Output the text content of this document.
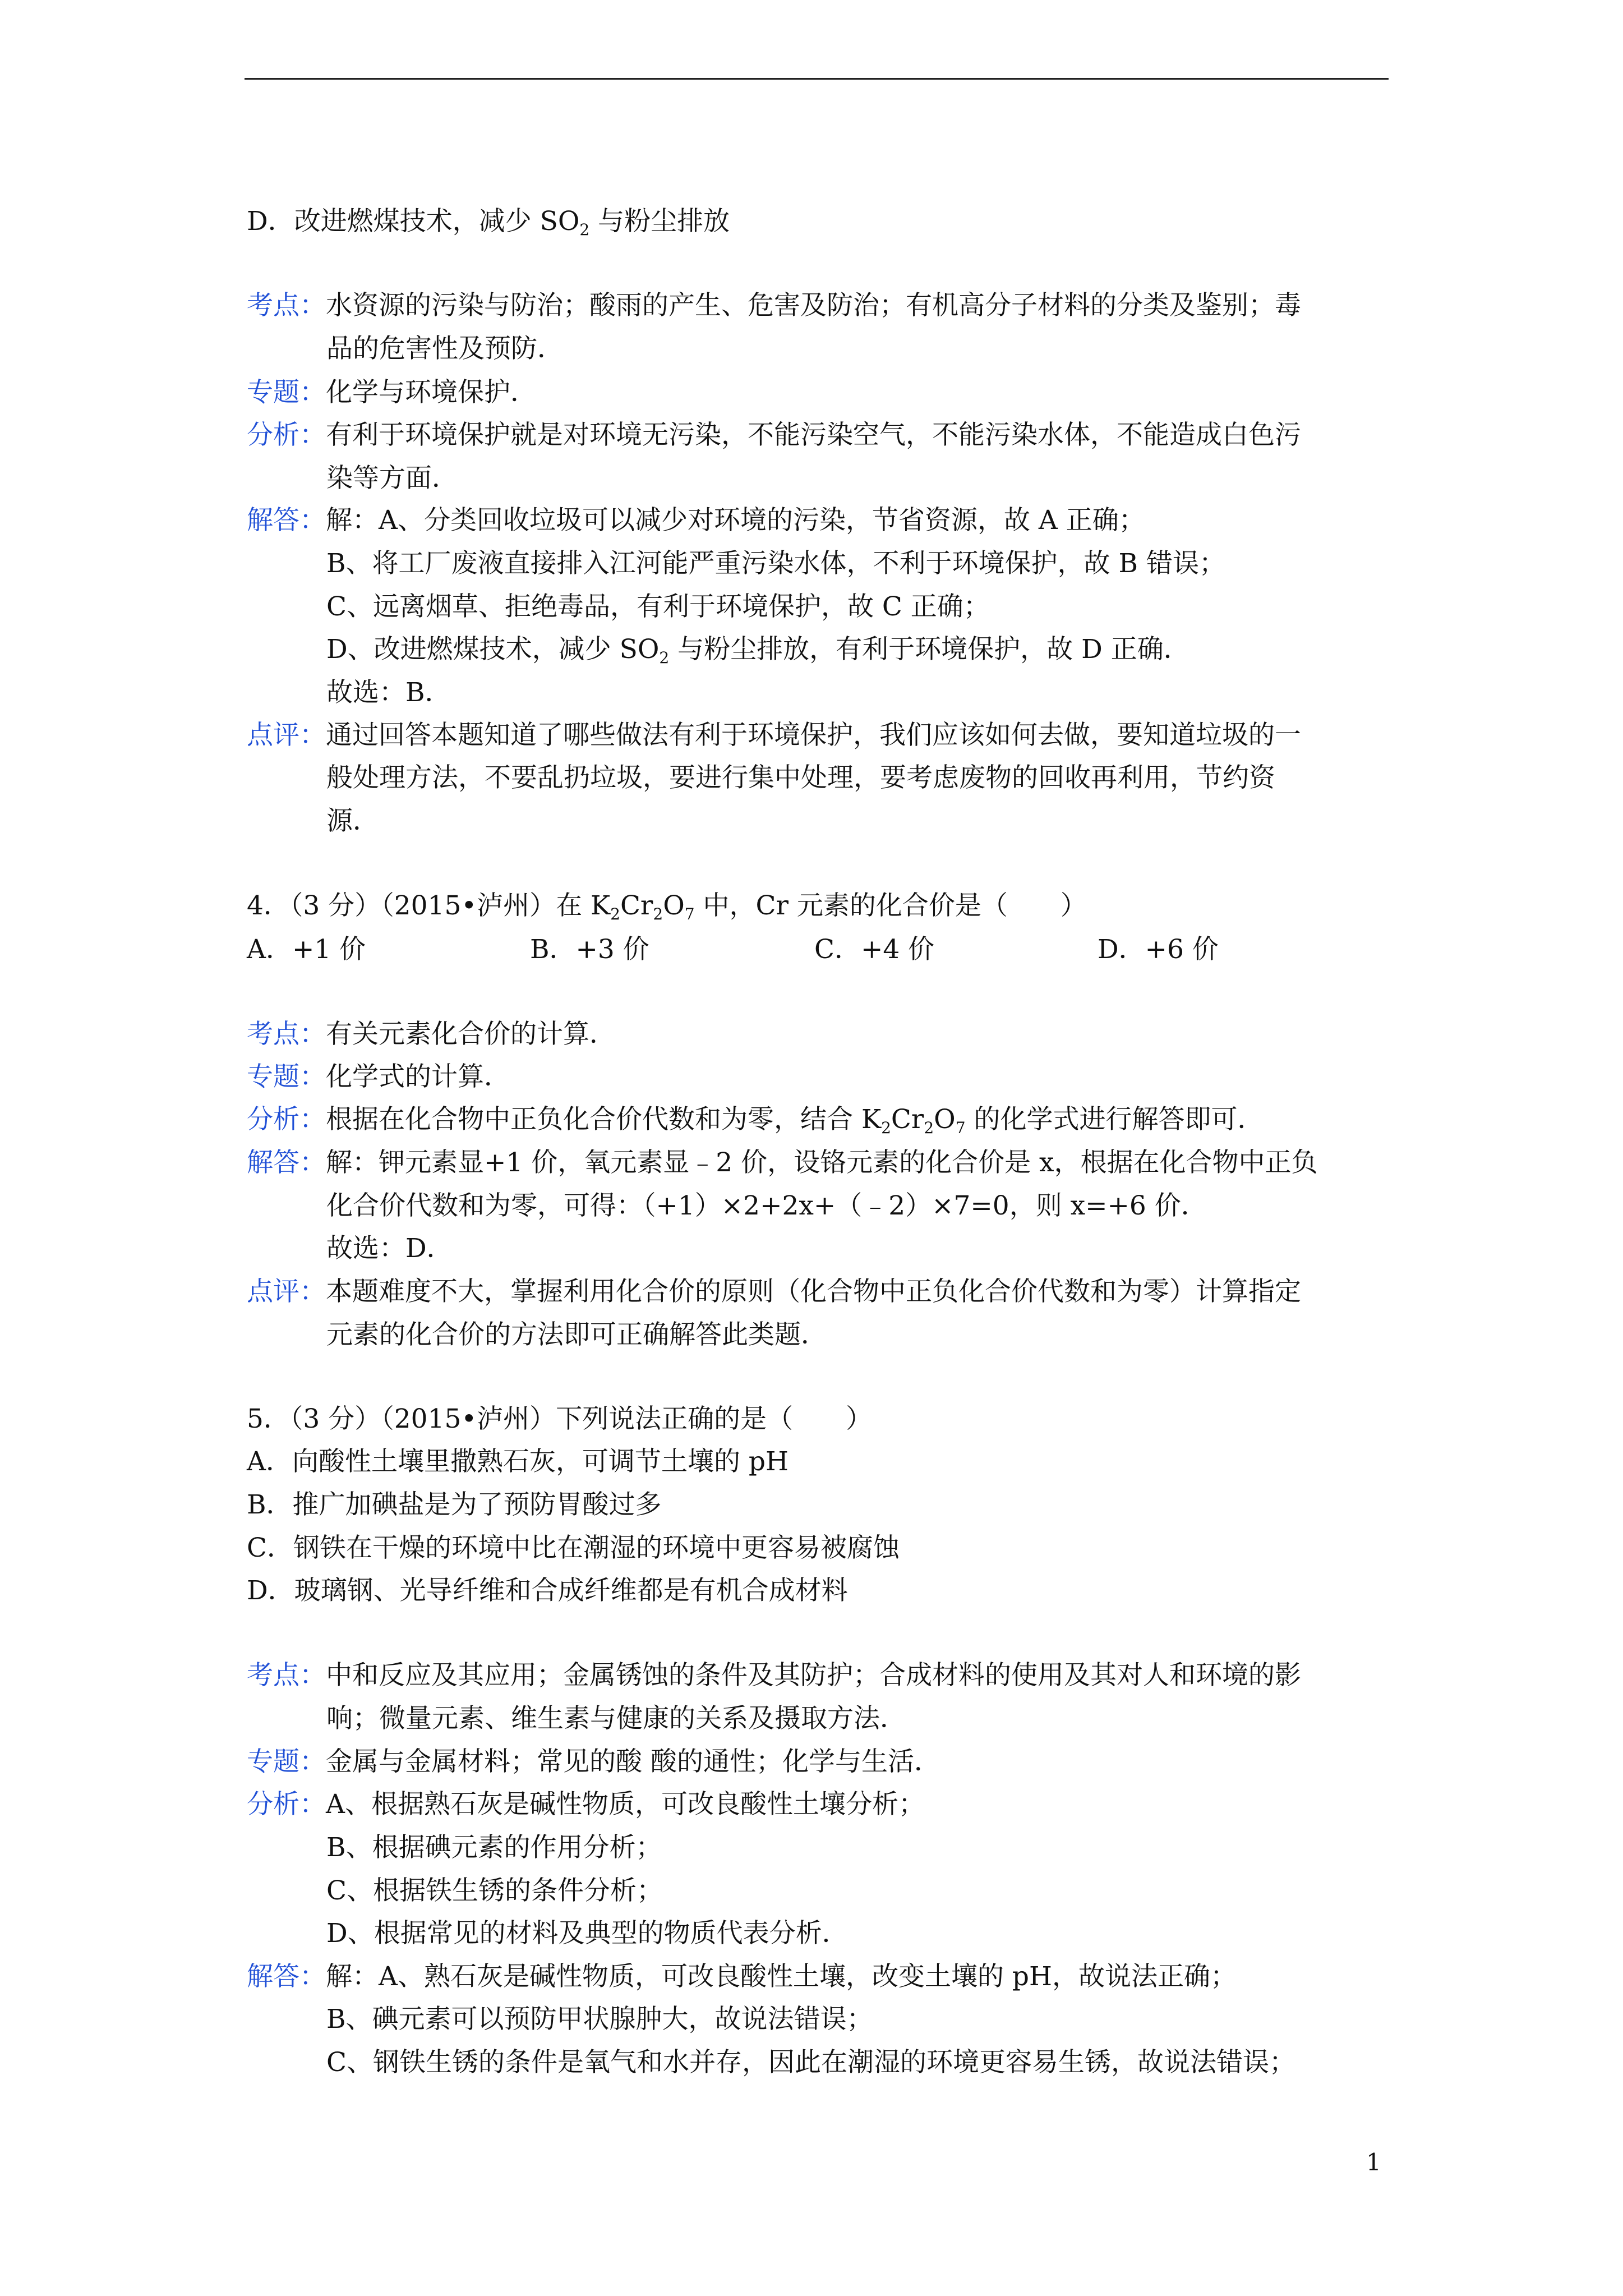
D．改进燃煤技术，减少 $SO_2$ 与粉尘排放
考点：水资源的污染与防治；酸雨的产生、危害及防治；有机高分子材料的分类及鉴别；毒
品的危害性及预防．
专题：化学与环境保护．
分析：有利于环境保护就是对环境无污染，不能污染空气，不能污染水体，不能造成白色污
染等方面．
解答：解：A、分类回收垃圾可以减少对环境的污染，节省资源，故 A 正确；
B、将工厂废液直接排入江河能严重污染水体，不利于环境保护，故 B 错误；
C、远离烟草、拒绝毒品，有利于环境保护，故 C 正确；
D、改进燃煤技术，减少 $SO_2$ 与粉尘排放，有利于环境保护，故 D 正确．
故选：B．
点评：通过回答本题知道了哪些做法有利于环境保护，我们应该如何去做，要知道垃圾的一
般处理方法，不要乱扔垃圾，要进行集中处理，要考虑废物的回收再利用，节约资
源．
4．（3 分）（2015•泸州）在 $K_2Cr_2O_7$ 中，Cr 元素的化合价是（　　）
A．+1 价	B．+3 价	C．+4 价	D．+6 价
考点：有关元素化合价的计算．
专题：化学式的计算．
分析：根据在化合物中正负化合价代数和为零，结合 $K_2Cr_2O_7$ 的化学式进行解答即可．
解答：解：钾元素显+1 价，氧元素显﹣2 价，设铬元素的化合价是 x，根据在化合物中正负
化合价代数和为零，可得：（+1）×2+2x+（﹣2）×7=0，则 x=+6 价．
故选：D．
点评：本题难度不大，掌握利用化合价的原则（化合物中正负化合价代数和为零）计算指定
元素的化合价的方法即可正确解答此类题．
5．（3 分）（2015•泸州）下列说法正确的是（　　）
A．向酸性土壤里撒熟石灰，可调节土壤的 pH
B．推广加碘盐是为了预防胃酸过多
C．钢铁在干燥的环境中比在潮湿的环境中更容易被腐蚀
D．玻璃钢、光导纤维和合成纤维都是有机合成材料
考点：中和反应及其应用；金属锈蚀的条件及其防护；合成材料的使用及其对人和环境的影
响；微量元素、维生素与健康的关系及摄取方法．
专题：金属与金属材料；常见的酸 酸的通性；化学与生活．
分析：A、根据熟石灰是碱性物质，可改良酸性土壤分析；
B、根据碘元素的作用分析；
C、根据铁生锈的条件分析；
D、根据常见的材料及典型的物质代表分析．
解答：解：A、熟石灰是碱性物质，可改良酸性土壤，改变土壤的 pH，故说法正确；
B、碘元素可以预防甲状腺肿大，故说法错误；
C、钢铁生锈的条件是氧气和水并存，因此在潮湿的环境更容易生锈，故说法错误；
1
